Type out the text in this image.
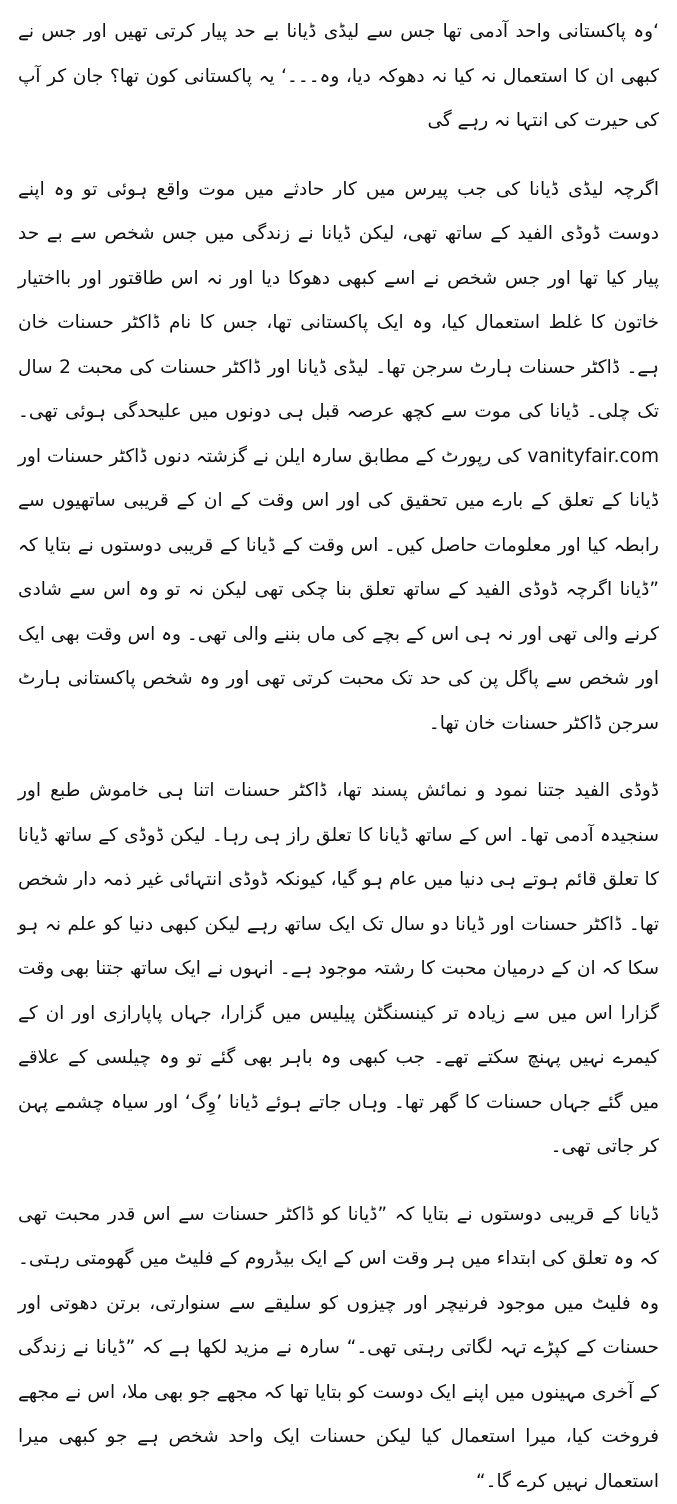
‘وہ پاکستانی واحد آدمی تھا جس سے لیڈی ڈیانا بے حد پیار کرتی تھیں اور جس نے کبھی ان کا استعمال نہ کیا نہ دھوکہ دیا، وہ۔۔۔‘ یہ پاکستانی کون تھا؟ جان کر آپ کی حیرت کی انتہا نہ رہے گی

اگرچہ لیڈی ڈیانا کی جب پیرس میں کار حادثے میں موت واقع ہوئی تو وہ اپنے دوست ڈوڈی الفید کے ساتھ تھی، لیکن ڈیانا نے زندگی میں جس شخص سے بے حد پیار کیا تھا اور جس شخص نے اسے کبھی دھوکا دیا اور نہ اس طاقتور اور بااختیار خاتون کا غلط استعمال کیا، وہ ایک پاکستانی تھا، جس کا نام ڈاکٹر حسنات خان ہے۔ ڈاکٹر حسنات ہارٹ سرجن تھا۔ لیڈی ڈیانا اور ڈاکٹر حسنات کی محبت 2 سال تک چلی۔ ڈیانا کی موت سے کچھ عرصہ قبل ہی دونوں میں علیحدگی ہوئی تھی۔ vanityfair.com کی رپورٹ کے مطابق سارہ ایلن نے گزشتہ دنوں ڈاکٹر حسنات اور ڈیانا کے تعلق کے بارے میں تحقیق کی اور اس وقت کے ان کے قریبی ساتھیوں سے رابطہ کیا اور معلومات حاصل کیں۔ اس وقت کے ڈیانا کے قریبی دوستوں نے بتایا کہ ”ڈیانا اگرچہ ڈوڈی الفید کے ساتھ تعلق بنا چکی تھی لیکن نہ تو وہ اس سے شادی کرنے والی تھی اور نہ ہی اس کے بچے کی ماں بننے والی تھی۔ وہ اس وقت بھی ایک اور شخص سے پاگل پن کی حد تک محبت کرتی تھی اور وہ شخص پاکستانی ہارٹ سرجن ڈاکٹر حسنات خان تھا۔

ڈوڈی الفید جتنا نمود و نمائش پسند تھا، ڈاکٹر حسنات اتنا ہی خاموش طبع اور سنجیدہ آدمی تھا۔ اس کے ساتھ ڈیانا کا تعلق راز ہی رہا۔ لیکن ڈوڈی کے ساتھ ڈیانا کا تعلق قائم ہوتے ہی دنیا میں عام ہو گیا، کیونکہ ڈوڈی انتہائی غیر ذمہ دار شخص تھا۔ ڈاکٹر حسنات اور ڈیانا دو سال تک ایک ساتھ رہے لیکن کبھی دنیا کو علم نہ ہو سکا کہ ان کے درمیان محبت کا رشتہ موجود ہے۔ انہوں نے ایک ساتھ جتنا بھی وقت گزارا اس میں سے زیادہ تر کینسنگٹن پیلیس میں گزارا، جہاں پاپارازی اور ان کے کیمرے نہیں پہنچ سکتے تھے۔ جب کبھی وہ باہر بھی گئے تو وہ چیلسی کے علاقے میں گئے جہاں حسنات کا گھر تھا۔ وہاں جاتے ہوئے ڈیانا ’وِگ‘ اور سیاہ چشمے پہن کر جاتی تھی۔

ڈیانا کے قریبی دوستوں نے بتایا کہ ”ڈیانا کو ڈاکٹر حسنات سے اس قدر محبت تھی کہ وہ تعلق کی ابتداء میں ہر وقت اس کے ایک بیڈروم کے فلیٹ میں گھومتی رہتی۔ وہ فلیٹ میں موجود فرنیچر اور چیزوں کو سلیقے سے سنوارتی، برتن دھوتی اور حسنات کے کپڑے تہہ لگاتی رہتی تھی۔“ سارہ نے مزید لکھا ہے کہ ”ڈیانا نے زندگی کے آخری مہینوں میں اپنے ایک دوست کو بتایا تھا کہ مجھے جو بھی ملا، اس نے مجھے فروخت کیا، میرا استعمال کیا لیکن حسنات ایک واحد شخص ہے جو کبھی میرا استعمال نہیں کرے گا۔“
